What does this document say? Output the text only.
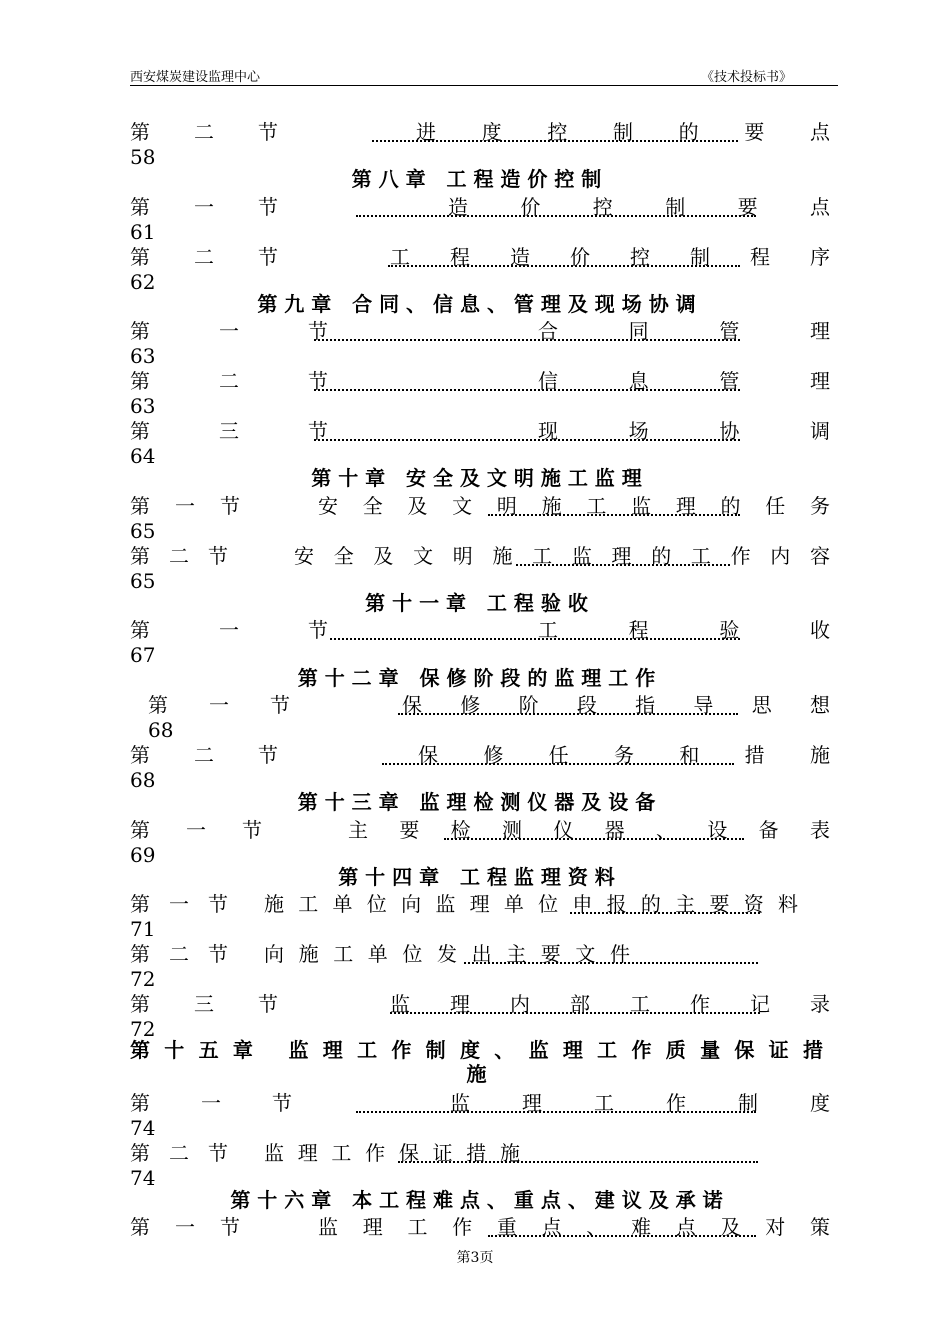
西安煤炭建设监理中心	《技术投标书》
第 二 节	进 度 控 制 的 要 点
58
第 八 章   工 程 造 价 控 制
第 一 节	造	价	控	制	要	点
61
第 二 节	工 程 造 价 控 制 程 序
62
第 九 章   合 同 、 信 息 、 管 理 及 现 场 协 调
第	一	节	合	同	管	理
63
第	二	节	信	息	管	理
63
第	三	节	现	场	协	调
64
第 十 章   安 全 及 文 明 施 工 监 理
第 一 节	安 全 及 文 明 施 工 监 理 的 任 务
65
第 二 节	安 全 及 文 明 施 工 监 理 的 工 作 内 容
65
第 十 一 章   工 程 验 收
第	一	节	工	程	验	收
67
第 十 二 章   保 修 阶 段 的 监 理 工 作
第 一 节	保 修 阶 段 指 导 思 想
68
第 二 节	保 修 任 务 和 措 施
68
第 十 三 章   监 理 检 测 仪 器 及 设 备
第 一 节	主 要 检 测 仪 器 、 设 备 表
69
第 十 四 章   工 程 监 理 资 料
第 一 节 施 工 单 位 向 监 理 单 位 申 报 的 主 要 资 料
71
第 二 节 向 施 工 单 位 发 出 主 要 文 件
72
第 三 节	监 理 内 部 工 作 记 录
72
第 十 五 章   监 理 工 作 制 度 、 监 理 工 作 质 量 保 证 措
施
第	一	节	监	理	工	作	制	度
74
第 二 节 监 理 工 作 保 证 措 施
74
第 十 六 章   本 工 程 难 点 、 重 点 、 建 议 及 承 诺
第 一 节	监 理 工 作 重 点 、 难 点 及 对 策
第3页
